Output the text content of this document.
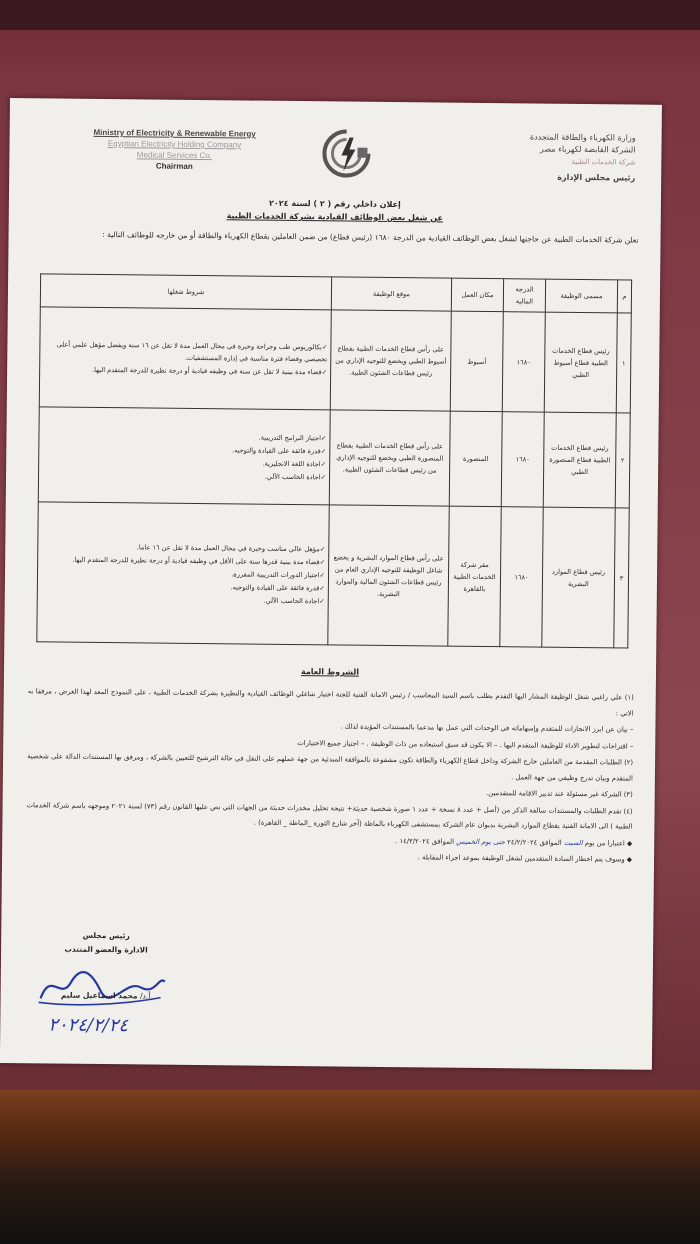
Ministry of Electricity & Renewable Energy
Egyptian Electricity Holding Company
Medical Services Co.
Chairman
وزارة الكهرباء والطاقة المتجددة
الشركة القابضة لكهرباء مصر
شركة الخدمات الطبية
رئيس مجلس الإدارة
إعلان داخلي رقم ( ٢ ) لسنة ٢٠٢٤
عن شغل بعض الوظائف القيادية بشركة الخدمات الطبية
تعلن شركة الخدمات الطبية عن حاجتها لشغل بعض الوظائف القيادية من الدرجة ١٦٨٠ (رئيس قطاع) من ضمن العاملين بقطاع الكهرباء والطاقة أو من خارجه للوظائف التالية :
م	مسمى الوظيفة	الدرجة المالية	مكان العمل	موقع الوظيفة	شروط شغلها
١	رئيس قطاع الخدمات الطبية قطاع أسيوط الطبي	١٦٨٠	أسيوط	على رأس قطاع الخدمات الطبية بقطاع أسيوط الطبي ويخضع للتوجيه الإداري من رئيس قطاعات الشئون الطبية.	✓بكالوريوس طب وجراحة وخبرة في مجال العمل مدة لا تقل عن ١٦ سنة ويفضل مؤهل علمي أعلى تخصصي وقضاء فترة مناسبة في إدارة المستشفيات.
✓قضاء مدة بينية لا تقل عن سنة في وظيفه قيادية أو درجة نظيرة للدرجة المتقدم اليها.

٢	رئيس قطاع الخدمات الطبية قطاع المنصورة الطبي	١٦٨٠	المنصورة	على رأس قطاع الخدمات الطبية بقطاع المنصورة الطبي ويخضع للتوجيه الإداري من رئيس قطاعات الشئون الطبية.	✓اجتياز البرامج التدريبية.
✓قدرة فائقة على القيادة والتوجيه.
✓اجادة اللغة الانجليزية.
✓اجادة الحاسب الآلي.

٣	رئيس قطاع الموارد البشرية	١٦٨٠	مقر شركة الخدمات الطبية بالقاهرة	على رأس قطاع الموارد البشرية و يخضع شاغل الوظيفة للتوجيه الإداري العام من رئيس قطاعات الشئون المالية والموارد البشرية.	✓مؤهل عالي مناسب وخبرة في مجال العمل مدة لا تقل عن ١٦ عاما.
✓قضاء مدة بينية قدرها سنة على الأقل في وظيفه قيادية أو درجة نظيرة للدرجة المتقدم اليها.
✓اجتياز الدورات التدريبية المقررة.
✓قدرة فائقة على القيادة والتوجيه.
✓اجادة الحاسب الآلي.
الشروط العامة

(١) علي راغبي شغل الوظيفة المشار اليها التقدم بطلب باسم السيد المحاسب / رئيس الامانة الفنية للجنة اختيار شاغلي الوظائف القيادية والنظيرة بشركة الخدمات الطبية ، على النموذج المعد لهذا الغرض ، مرفقا به الاتي :

– بيان عن ابرز الانجازات للمتقدم وإسهاماته في الوحدات التي عمل بها مدعما بالمستندات المؤيدة لذلك .

– اقتراحات لتطوير الاداء للوظيفة المتقدم اليها . – الا يكون قد سبق استبعاده من ذات الوظيفة . – اجتياز جميع الاختبارات

(٢) الطلبات المقدمة من العاملين خارج الشركة وداخل قطاع الكهرباء والطاقة تكون مشفوعة بالموافقة المبدئية من جهة عملهم على النقل في حالة الترشيح للتعيين بالشركة ، ومرفق بها المستندات الدالة على شخصية المتقدم وبيان تدرج وظيفي من جهة العمل .

(٣) الشركة غير مسئولة عند تدبير الاقامة للمتقدمين.

(٤) تقدم الطلبات والمستندات سالفة الذكر من (أصل + عدد ٨ نسخة + عدد ١ صورة شخصية حديثة+ نتيجة تحليل مخدرات حديثة من الجهات التي نص عليها القانون رقم (٧٣) لسنة ٢٠٢١ وموجهه باسم شركة الخدمات الطبية ) الى الامانة الفنية بقطاع الموارد البشرية بديوان عام الشركة بمستشفى الكهرباء بالماظة (آخر شارع الثورة _الماظة _ القاهرة) .

◆ اعتبارا من يوم السبت الموافق ٢٤/٢/٢٠٢٤ حتى يوم الخميس الموافق ١٤/٣/٢٠٢٤ .

◆ وسوف يتم اخطار السادة المتقدمين لشغل الوظيفة بموعد اجراء المقابلة .

رئيس مجلس
الادارة والعضو المنتدب
أ.د/ محمد اسماعيل سليم
٢٠٢٤/٢/٢٤
